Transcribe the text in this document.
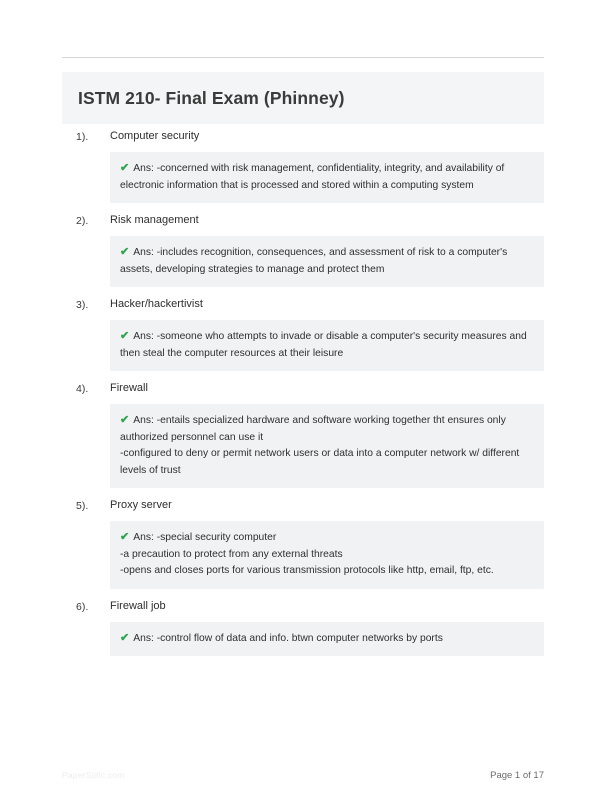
ISTM 210- Final Exam (Phinney)
1).	Computer security
✔ Ans: -concerned with risk management, confidentiality, integrity, and availability of electronic information that is processed and stored within a computing system
2).	Risk management
✔ Ans: -includes recognition, consequences, and assessment of risk to a computer's assets, developing strategies to manage and protect them
3).	Hacker/hackertivist
✔ Ans: -someone who attempts to invade or disable a computer's security measures and then steal the computer resources at their leisure
4).	Firewall
✔ Ans: -entails specialized hardware and software working together tht ensures only authorized personnel can use it
-configured to deny or permit network users or data into a computer network w/ different levels of trust
5).	Proxy server
✔ Ans: -special security computer
-a precaution to protect from any external threats
-opens and closes ports for various transmission protocols like http, email, ftp, etc.
6).	Firewall job
✔ Ans: -control flow of data and info. btwn computer networks by ports
PaperStitic.com	Page 1 of 17
